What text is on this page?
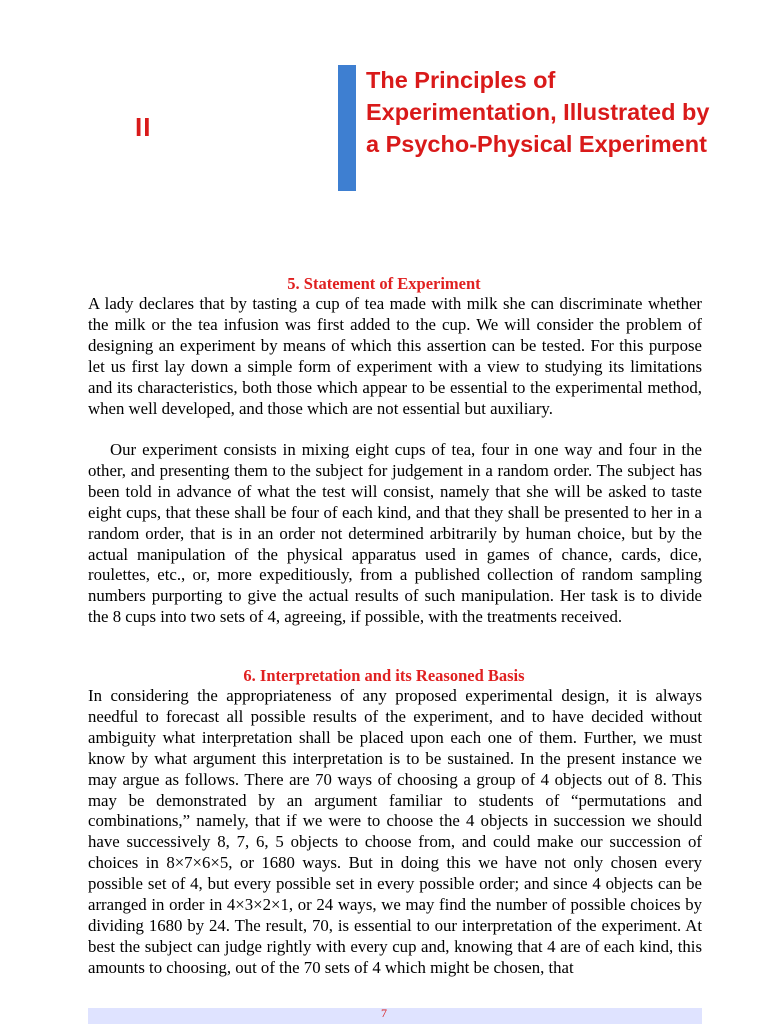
II
The Principles of Experimentation, Illustrated by a Psycho-Physical Experiment
5. Statement of Experiment

A lady declares that by tasting a cup of tea made with milk she can discriminate whether the milk or the tea infusion was first added to the cup. We will consider the problem of designing an experiment by means of which this assertion can be tested. For this purpose let us first lay down a simple form of experiment with a view to studying its limitations and its characteristics, both those which appear to be essential to the experimental method, when well developed, and those which are not essential but auxiliary.

Our experiment consists in mixing eight cups of tea, four in one way and four in the other, and presenting them to the subject for judgement in a random order. The subject has been told in advance of what the test will consist, namely that she will be asked to taste eight cups, that these shall be four of each kind, and that they shall be presented to her in a random order, that is in an order not determined arbitrarily by human choice, but by the actual manipulation of the physical apparatus used in games of chance, cards, dice, roulettes, etc., or, more expeditiously, from a published collection of random sampling numbers purporting to give the actual results of such manipulation. Her task is to divide the 8 cups into two sets of 4, agreeing, if possible, with the treatments received.

6. Interpretation and its Reasoned Basis

In considering the appropriateness of any proposed experimental design, it is always needful to forecast all possible results of the experiment, and to have decided without ambiguity what interpretation shall be placed upon each one of them. Further, we must know by what argument this interpretation is to be sustained. In the present instance we may argue as follows. There are 70 ways of choosing a group of 4 objects out of 8. This may be demonstrated by an argument familiar to students of “permutations and combinations,” namely, that if we were to choose the 4 objects in succession we should have successively 8, 7, 6, 5 objects to choose from, and could make our succession of choices in 8×7×6×5, or 1680 ways. But in doing this we have not only chosen every possible set of 4, but every possible set in every possible order; and since 4 objects can be arranged in order in 4×3×2×1, or 24 ways, we may find the number of possible choices by dividing 1680 by 24. The result, 70, is essential to our interpretation of the experiment. At best the subject can judge rightly with every cup and, knowing that 4 are of each kind, this amounts to choosing, out of the 70 sets of 4 which might be chosen, that

7
